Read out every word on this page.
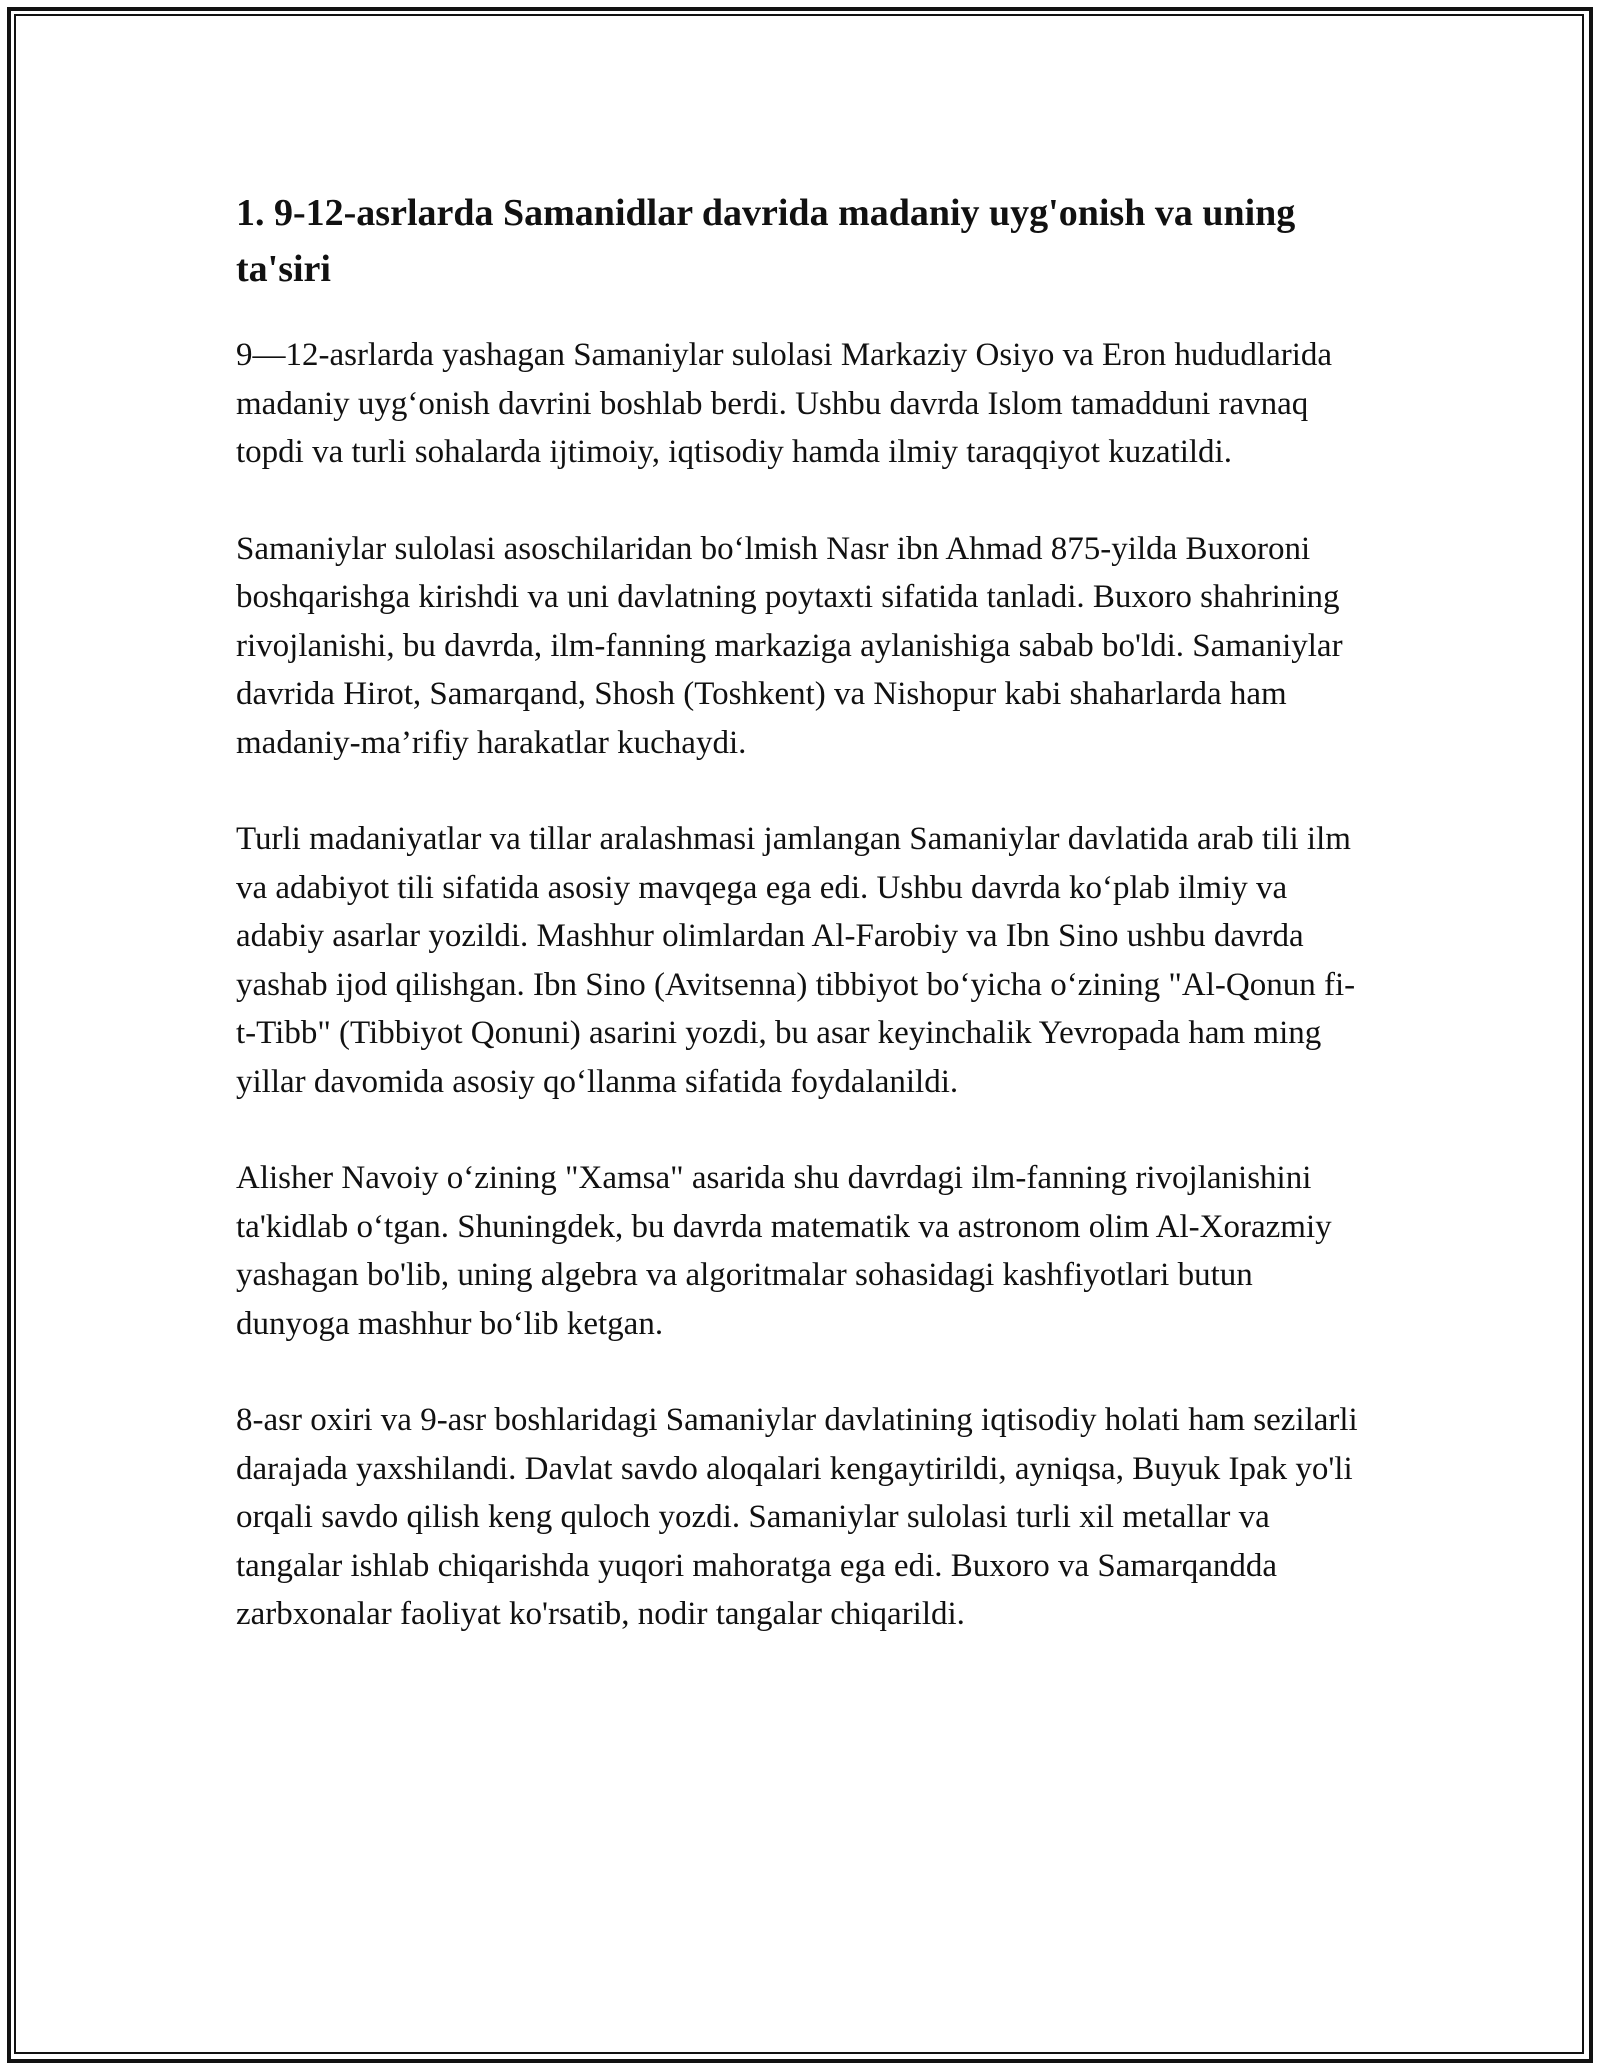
1. 9-12-asrlarda Samanidlar davrida madaniy uyg'onish va uning ta'siri

9—12-asrlarda yashagan Samaniylar sulolasi Markaziy Osiyo va Eron hududlarida madaniy uygʻonish davrini boshlab berdi. Ushbu davrda Islom tamadduni ravnaq topdi va turli sohalarda ijtimoiy, iqtisodiy hamda ilmiy taraqqiyot kuzatildi.

Samaniylar sulolasi asoschilaridan boʻlmish Nasr ibn Ahmad 875-yilda Buxoroni boshqarishga kirishdi va uni davlatning poytaxti sifatida tanladi. Buxoro shahrining rivojlanishi, bu davrda, ilm-fanning markaziga aylanishiga sabab bo'ldi. Samaniylar davrida Hirot, Samarqand, Shosh (Toshkent) va Nishopur kabi shaharlarda ham madaniy-ma’rifiy harakatlar kuchaydi.

Turli madaniyatlar va tillar aralashmasi jamlangan Samaniylar davlatida arab tili ilm va adabiyot tili sifatida asosiy mavqega ega edi. Ushbu davrda koʻplab ilmiy va adabiy asarlar yozildi. Mashhur olimlardan Al-Farobiy va Ibn Sino ushbu davrda yashab ijod qilishgan. Ibn Sino (Avitsenna) tibbiyot boʻyicha oʻzining "Al-Qonun fi-t-Tibb" (Tibbiyot Qonuni) asarini yozdi, bu asar keyinchalik Yevropada ham ming yillar davomida asosiy qoʻllanma sifatida foydalanildi.

Alisher Navoiy oʻzining "Xamsa" asarida shu davrdagi ilm-fanning rivojlanishini ta'kidlab oʻtgan. Shuningdek, bu davrda matematik va astronom olim Al-Xorazmiy yashagan bo'lib, uning algebra va algoritmalar sohasidagi kashfiyotlari butun dunyoga mashhur boʻlib ketgan.

8-asr oxiri va 9-asr boshlaridagi Samaniylar davlatining iqtisodiy holati ham sezilarli darajada yaxshilandi. Davlat savdo aloqalari kengaytirildi, ayniqsa, Buyuk Ipak yo'li orqali savdo qilish keng quloch yozdi. Samaniylar sulolasi turli xil metallar va tangalar ishlab chiqarishda yuqori mahoratga ega edi. Buxoro va Samarqandda zarbxonalar faoliyat ko'rsatib, nodir tangalar chiqarildi.
